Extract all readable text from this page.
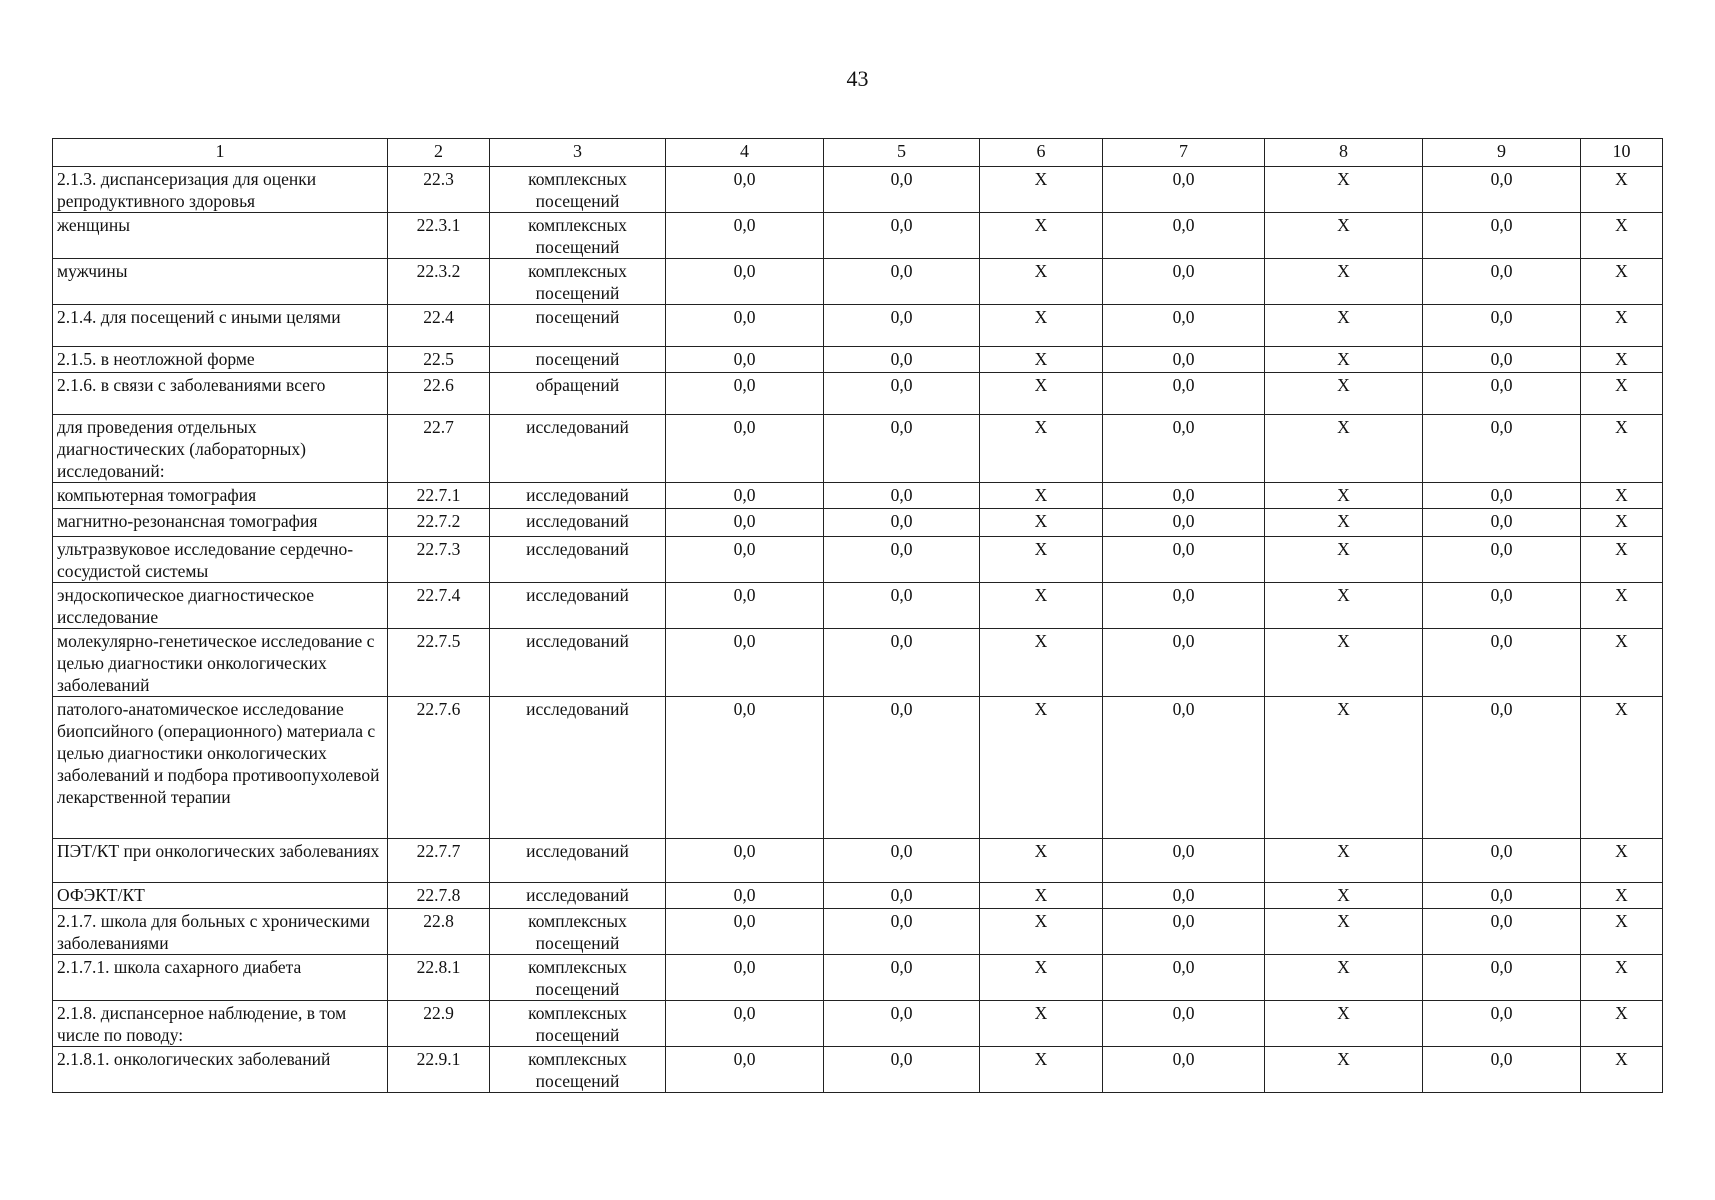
43
1	2	3	4	5	6	7	8	9	10
2.1.3. диспансеризация для оценки репродуктивного здоровья	22.3	комплексных посещений	0,0	0,0	X	0,0	X	0,0	X
женщины	22.3.1	комплексных посещений	0,0	0,0	X	0,0	X	0,0	X
мужчины	22.3.2	комплексных посещений	0,0	0,0	X	0,0	X	0,0	X
2.1.4. для посещений с иными целями	22.4	посещений	0,0	0,0	X	0,0	X	0,0	X
2.1.5. в неотложной форме	22.5	посещений	0,0	0,0	X	0,0	X	0,0	X
2.1.6. в связи с заболеваниями всего	22.6	обращений	0,0	0,0	X	0,0	X	0,0	X
для проведения отдельных диагностических (лабораторных) исследований:	22.7	исследований	0,0	0,0	X	0,0	X	0,0	X
компьютерная томография	22.7.1	исследований	0,0	0,0	X	0,0	X	0,0	X
магнитно-резонансная томография	22.7.2	исследований	0,0	0,0	X	0,0	X	0,0	X
ультразвуковое исследование сердечно-сосудистой системы	22.7.3	исследований	0,0	0,0	X	0,0	X	0,0	X
эндоскопическое диагностическое исследование	22.7.4	исследований	0,0	0,0	X	0,0	X	0,0	X
молекулярно-генетическое исследование с целью диагностики онкологических заболеваний	22.7.5	исследований	0,0	0,0	X	0,0	X	0,0	X
патолого-анатомическое исследование биопсийного (операционного) материала с целью диагностики онкологических заболеваний и подбора противоопухолевой лекарственной терапии	22.7.6	исследований	0,0	0,0	X	0,0	X	0,0	X
ПЭТ/КТ при онкологических заболеваниях	22.7.7	исследований	0,0	0,0	X	0,0	X	0,0	X
ОФЭКТ/КТ	22.7.8	исследований	0,0	0,0	X	0,0	X	0,0	X
2.1.7. школа для больных с хроническими заболеваниями	22.8	комплексных посещений	0,0	0,0	X	0,0	X	0,0	X
2.1.7.1. школа сахарного диабета	22.8.1	комплексных посещений	0,0	0,0	X	0,0	X	0,0	X
2.1.8. диспансерное наблюдение, в том числе по поводу:	22.9	комплексных посещений	0,0	0,0	X	0,0	X	0,0	X
2.1.8.1. онкологических заболеваний	22.9.1	комплексных посещений	0,0	0,0	X	0,0	X	0,0	X
